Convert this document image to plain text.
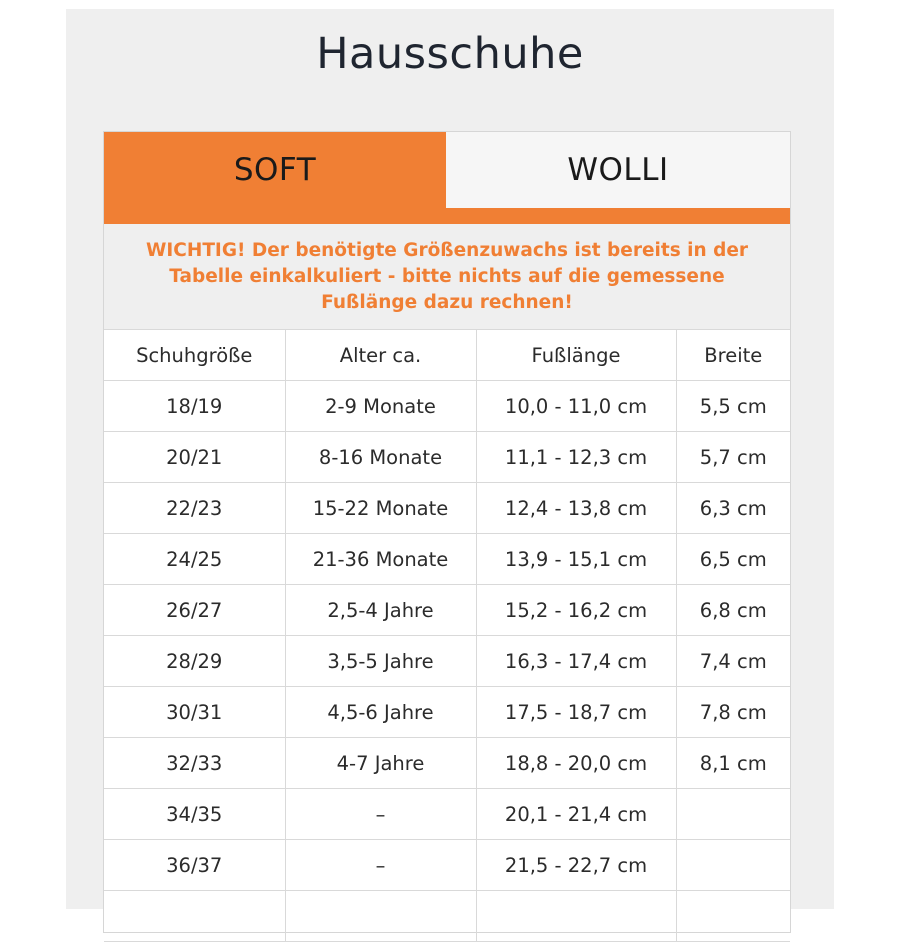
Hausschuhe
SOFT	WOLLI
WICHTIG! Der benötigte Größenzuwachs ist bereits in der Tabelle einkalkuliert - bitte nichts auf die gemessene Fußlänge dazu rechnen!
Schuhgröße	Alter ca.	Fußlänge	Breite
18/19	2-9 Monate	10,0 - 11,0 cm	5,5 cm
20/21	8-16 Monate	11,1 - 12,3 cm	5,7 cm
22/23	15-22 Monate	12,4 - 13,8 cm	6,3 cm
24/25	21-36 Monate	13,9 - 15,1 cm	6,5 cm
26/27	2,5-4 Jahre	15,2 - 16,2 cm	6,8 cm
28/29	3,5-5 Jahre	16,3 - 17,4 cm	7,4 cm
30/31	4,5-6 Jahre	17,5 - 18,7 cm	7,8 cm
32/33	4-7 Jahre	18,8 - 20,0 cm	8,1 cm
34/35	–	20,1 - 21,4 cm	
36/37	–	21,5 - 22,7 cm	
